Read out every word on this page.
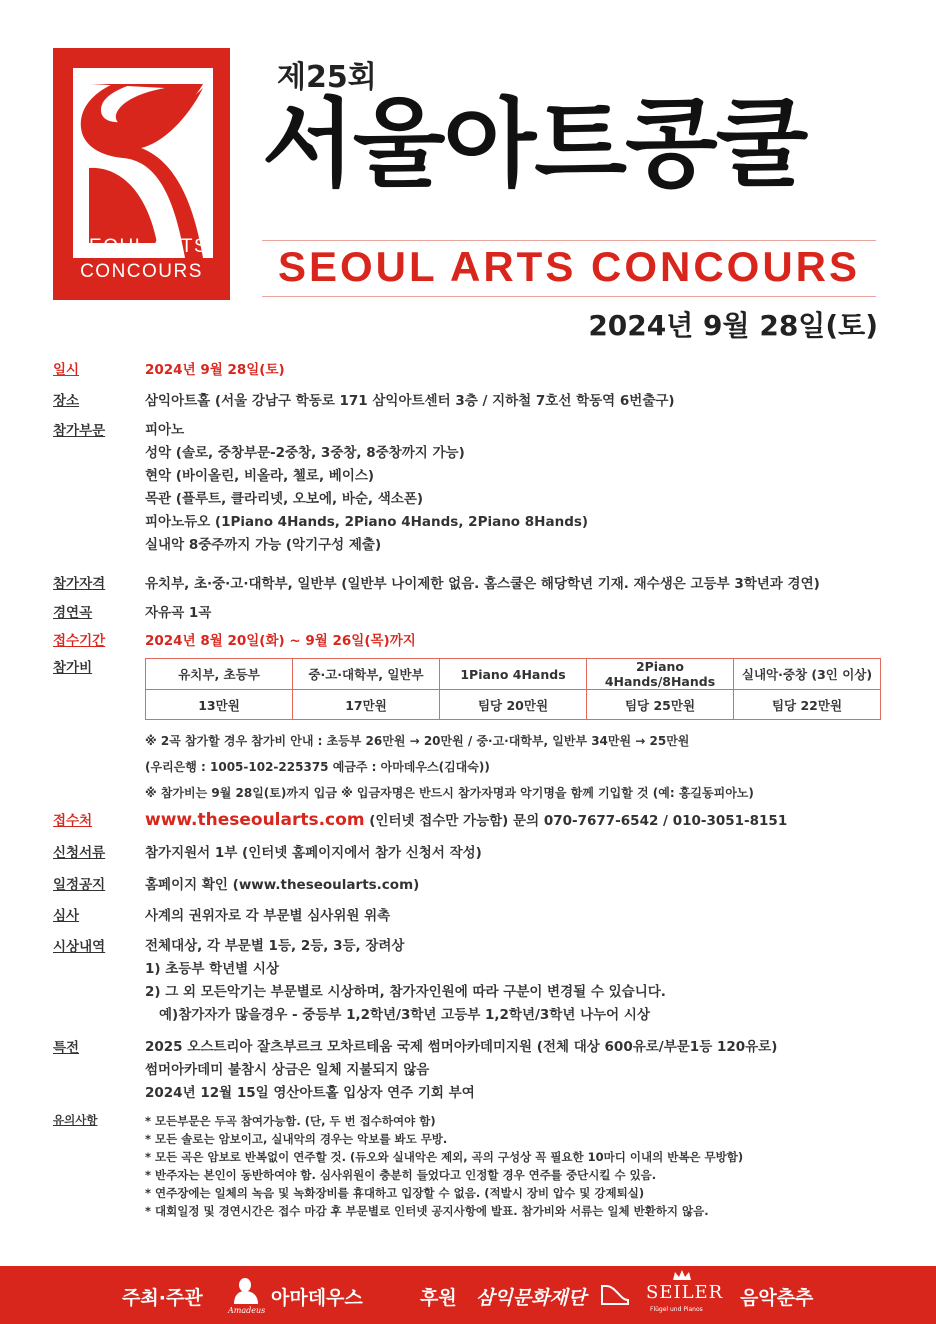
SEOUL ARTS
CONCOURS
제25회
서울아트콩쿨
SEOUL ARTS CONCOURS
2024년 9월 28일(토)
일시	2024년 9월 28일(토)
장소	삼익아트홀 (서울 강남구 학동로 171 삼익아트센터 3층 / 지하철 7호선 학동역 6번출구)
참가부문	피아노
성악 (솔로, 중창부문-2중창, 3중창, 8중창까지 가능)
현악 (바이올린, 비올라, 첼로, 베이스)
목관 (플루트, 클라리넷, 오보에, 바순, 색소폰)
피아노듀오 (1Piano 4Hands, 2Piano 4Hands, 2Piano 8Hands)
실내악 8중주까지 가능 (악기구성 제출)
참가자격	유치부, 초·중·고·대학부, 일반부 (일반부 나이제한 없음. 홈스쿨은 해당학년 기재. 재수생은 고등부 3학년과 경연)
경연곡	자유곡 1곡
접수기간	2024년 8월 20일(화) ~ 9월 26일(목)까지
참가비	유치부, 초등부	중·고·대학부, 일반부	1Piano 4Hands	2Piano 4Hands/8Hands	실내악·중창 (3인 이상)
13만원	17만원	팀당 20만원	팀당 25만원	팀당 22만원
※ 2곡 참가할 경우 참가비 안내 : 초등부 26만원 → 20만원 / 중·고·대학부, 일반부 34만원 → 25만원
(우리은행 : 1005-102-225375 예금주 : 아마데우스(김대숙))
※ 참가비는 9월 28일(토)까지 입금 ※ 입금자명은 반드시 참가자명과 악기명을 함께 기입할 것 (예: 홍길동피아노)
접수처	www.theseoularts.com (인터넷 접수만 가능함) 문의 070-7677-6542 / 010-3051-8151
신청서류	참가지원서 1부 (인터넷 홈페이지에서 참가 신청서 작성)
일정공지	홈페이지 확인 (www.theseoularts.com)
심사	사계의 권위자로 각 부문별 심사위원 위촉
시상내역	전체대상, 각 부문별 1등, 2등, 3등, 장려상
1) 초등부 학년별 시상
2) 그 외 모든악기는 부문별로 시상하며, 참가자인원에 따라 구분이 변경될 수 있습니다.
예)참가자가 많을경우 - 중등부 1,2학년/3학년 고등부 1,2학년/3학년 나누어 시상
특전	2025 오스트리아 잘츠부르크 모차르테움 국제 썸머아카데미지원 (전체 대상 600유로/부문1등 120유로)
썸머아카데미 불참시 상금은 일체 지불되지 않음
2024년 12월 15일 영산아트홀 입상자 연주 기회 부여
유의사항	* 모든부문은 두곡 참여가능함. (단, 두 번 접수하여야 함)
* 모든 솔로는 암보이고, 실내악의 경우는 악보를 봐도 무방.
* 모든 곡은 암보로 반복없이 연주할 것. (듀오와 실내악은 제외, 곡의 구성상 꼭 필요한 10마디 이내의 반복은 무방함)
* 반주자는 본인이 동반하여야 함. 심사위원이 충분히 들었다고 인정할 경우 연주를 중단시킬 수 있음.
* 연주장에는 일체의 녹음 및 녹화장비를 휴대하고 입장할 수 없음. (적발시 장비 압수 및 강제퇴실)
* 대회일정 및 경연시간은 접수 마감 후 부문별로 인터넷 공지사항에 발표. 참가비와 서류는 일체 반환하지 않음.
주최·주관
Amadeus
아마데우스	후원 삼익문화재단	SEILER
Flügel und Pianos
음악춘추
